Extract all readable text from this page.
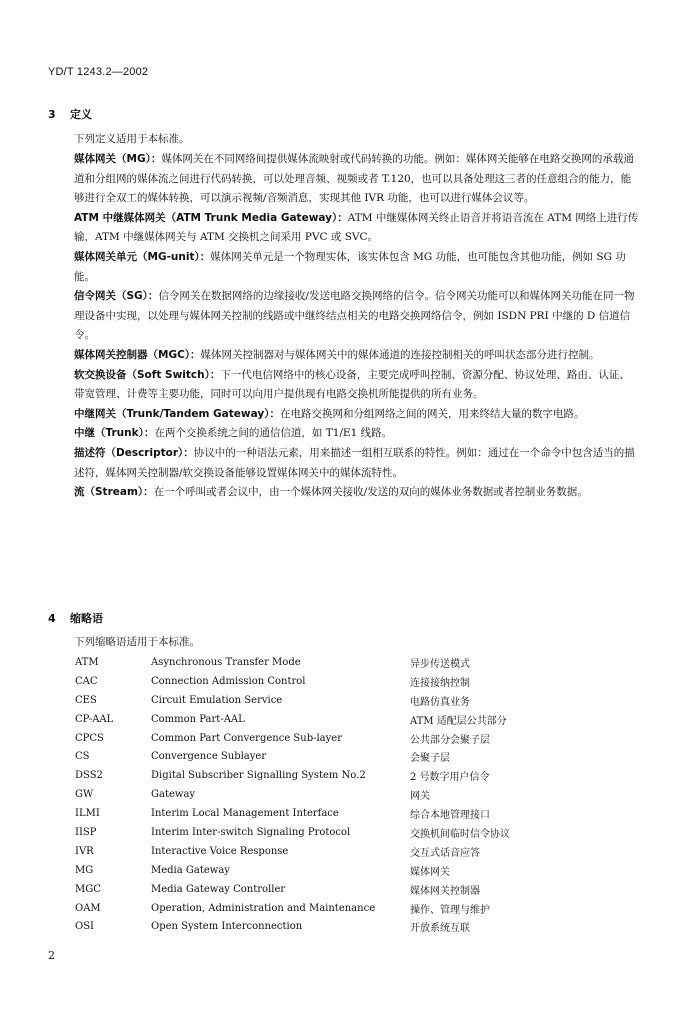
YD/T 1243.2—2002
3 定义
下列定义适用于本标准。
媒体网关（MG）：媒体网关在不同网络间提供媒体流映射或代码转换的功能。例如：媒体网关能够在电路交换网的承载通道和分组网的媒体流之间进行代码转换，可以处理音频、视频或者 T.120，也可以具备处理这三者的任意组合的能力，能够进行全双工的媒体转换，可以演示视频/音频消息，实现其他 IVR 功能，也可以进行媒体会议等。
ATM 中继媒体网关（ATM Trunk Media Gateway）：ATM 中继媒体网关终止语音并将语音流在 ATM 网络上进行传输，ATM 中继媒体网关与 ATM 交换机之间采用 PVC 或 SVC。
媒体网关单元（MG-unit）：媒体网关单元是一个物理实体，该实体包含 MG 功能，也可能包含其他功能，例如 SG 功能。
信令网关（SG）：信令网关在数据网络的边缘接收/发送电路交换网络的信令。信令网关功能可以和媒体网关功能在同一物理设备中实现，以处理与媒体网关控制的线路或中继终结点相关的电路交换网络信令，例如 ISDN PRI 中继的 D 信道信令。
媒体网关控制器（MGC）：媒体网关控制器对与媒体网关中的媒体通道的连接控制相关的呼叫状态部分进行控制。
软交换设备（Soft Switch）：下一代电信网络中的核心设备，主要完成呼叫控制、资源分配、协议处理、路由、认证、带宽管理、计费等主要功能，同时可以向用户提供现有电路交换机所能提供的所有业务。
中继网关（Trunk/Tandem Gateway）：在电路交换网和分组网络之间的网关，用来终结大量的数字电路。
中继（Trunk）：在两个交换系统之间的通信信道，如 T1/E1 线路。
描述符（Descriptor）：协议中的一种语法元素，用来描述一组相互联系的特性。例如：通过在一个命令中包含适当的描述符，媒体网关控制器/软交换设备能够设置媒体网关中的媒体流特性。
流（Stream）：在一个呼叫或者会议中，由一个媒体网关接收/发送的双向的媒体业务数据或者控制业务数据。
4 缩略语
下列缩略语适用于本标准。
ATM	Asynchronous Transfer Mode	异步传送模式
CAC	Connection Admission Control	连接接纳控制
CES	Circuit Emulation Service	电路仿真业务
CP-AAL	Common Part-AAL	ATM 适配层公共部分
CPCS	Common Part Convergence Sub-layer	公共部分会聚子层
CS	Convergence Sublayer	会聚子层
DSS2	Digital Subscriber Signalling System No.2	2 号数字用户信令
GW	Gateway	网关
ILMI	Interim Local Management Interface	综合本地管理接口
IISP	Interim Inter-switch Signaling Protocol	交换机间临时信令协议
IVR	Interactive Voice Response	交互式话音应答
MG	Media Gateway	媒体网关
MGC	Media Gateway Controller	媒体网关控制器
OAM	Operation, Administration and Maintenance	操作、管理与维护
OSI	Open System Interconnection	开放系统互联
2
